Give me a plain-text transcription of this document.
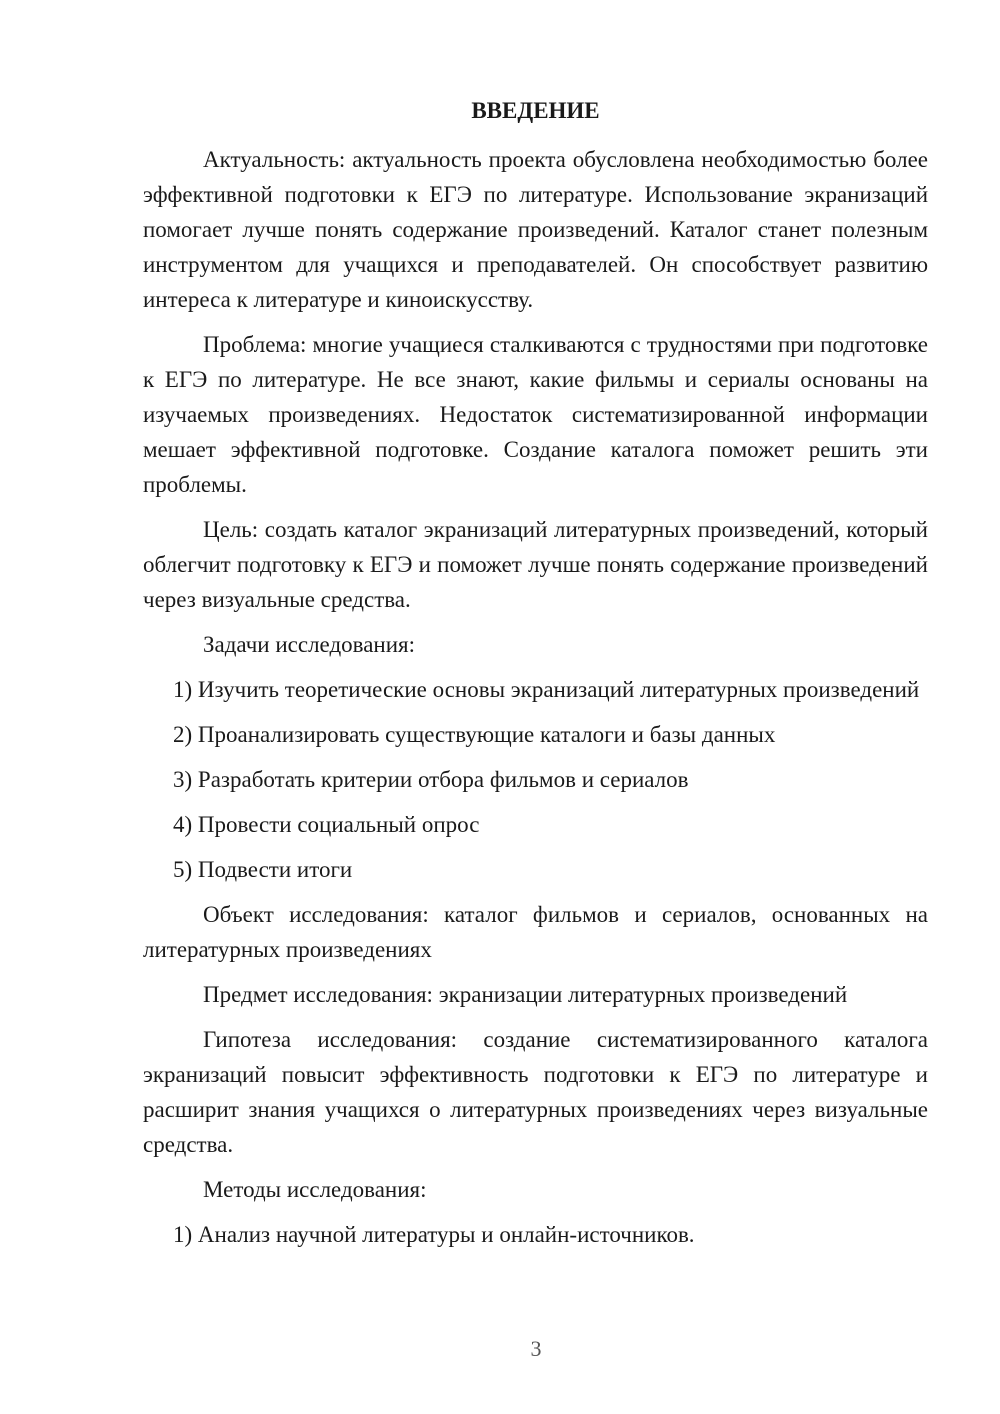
ВВЕДЕНИЕ

Актуальность: актуальность проекта обусловлена необходимостью более эффективной подготовки к ЕГЭ по литературе. Использование экранизаций помогает лучше понять содержание произведений. Каталог станет полезным инструментом для учащихся и преподавателей. Он способствует развитию интереса к литературе и киноискусству.

Проблема: многие учащиеся сталкиваются с трудностями при подготовке к ЕГЭ по литературе. Не все знают, какие фильмы и сериалы основаны на изучаемых произведениях. Недостаток систематизированной информации мешает эффективной подготовке. Создание каталога поможет решить эти проблемы.

Цель: создать каталог экранизаций литературных произведений, который облегчит подготовку к ЕГЭ и поможет лучше понять содержание произведений через визуальные средства.

Задачи исследования:

1) Изучить теоретические основы экранизаций литературных произведений

2) Проанализировать существующие каталоги и базы данных

3) Разработать критерии отбора фильмов и сериалов

4) Провести социальный опрос

5) Подвести итоги

Объект исследования: каталог фильмов и сериалов, основанных на литературных произведениях

Предмет исследования: экранизации литературных произведений

Гипотеза исследования: создание систематизированного каталога экранизаций повысит эффективность подготовки к ЕГЭ по литературе и расширит знания учащихся о литературных произведениях через визуальные средства.

Методы исследования:

1) Анализ научной литературы и онлайн-источников.

3
